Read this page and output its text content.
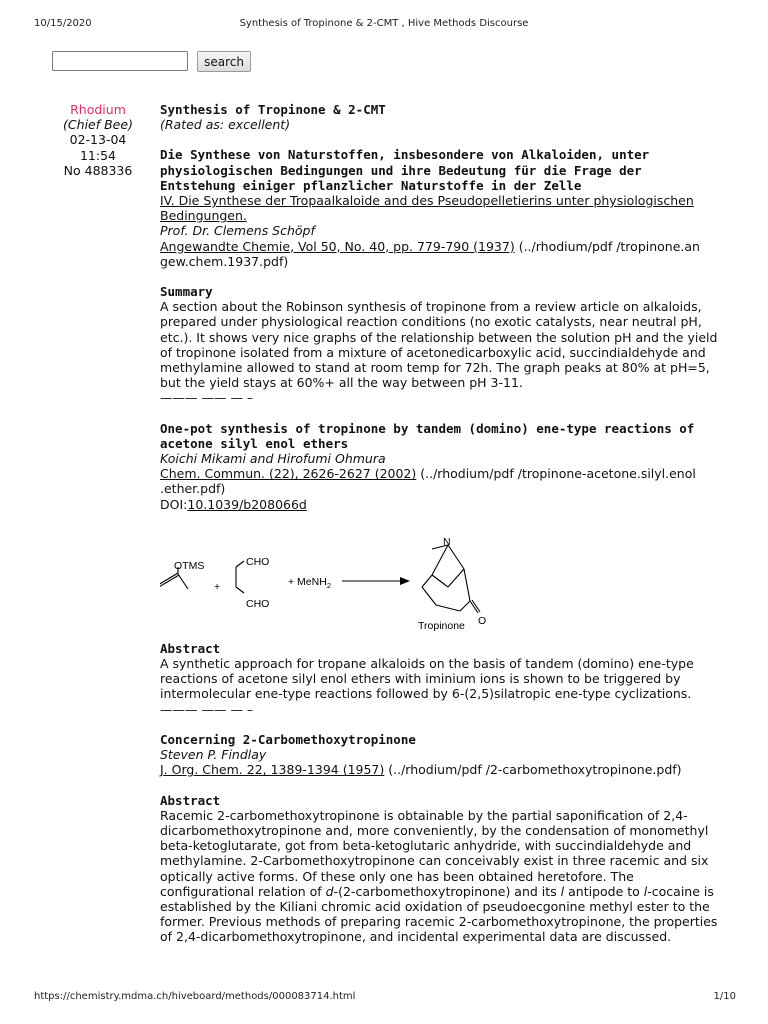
10/15/2020	Synthesis of Tropinone & 2-CMT , Hive Methods Discourse
search
Rhodium
(Chief Bee)
02-13-04
11:54
No 488336
Synthesis of Tropinone & 2-CMT
(Rated as: excellent)
Die Synthese von Naturstoffen, insbesondere von Alkaloiden, unter physiologischen Bedingungen und ihre Bedeutung für die Frage der Entstehung einiger pflanzlicher Naturstoffe in der Zelle
IV. Die Synthese der Tropaalkaloide and des Pseudopelletierins unter physiologischen Bedingungen.
Prof. Dr. Clemens Schöpf
Angewandte Chemie, Vol 50, No. 40, pp. 779-790 (1937) (../rhodium/pdf /tropinone.an gew.chem.1937.pdf)
Summary
A section about the Robinson synthesis of tropinone from a review article on alkaloids, prepared under physiological reaction conditions (no exotic catalysts, near neutral pH, etc.). It shows very nice graphs of the relationship between the solution pH and the yield of tropinone isolated from a mixture of acetonedicarboxylic acid, succindialdehyde and methylamine allowed to stand at room temp for 72h. The graph peaks at 80% at pH=5, but the yield stays at 60%+ all the way between pH 3-11.
——— —— — –
One-pot synthesis of tropinone by tandem (domino) ene-type reactions of acetone silyl enol ethers
Koichi Mikami and Hirofumi Ohmura
Chem. Commun. (22), 2626-2627 (2002) (../rhodium/pdf /tropinone-acetone.silyl.enol .ether.pdf)
DOI:10.1039/b208066d
OTMS
+
CHO
CHO
+ MeNH$_2$
N
O
Tropinone
Abstract
A synthetic approach for tropane alkaloids on the basis of tandem (domino) ene-type reactions of acetone silyl enol ethers with iminium ions is shown to be triggered by intermolecular ene-type reactions followed by 6-(2,5)silatropic ene-type cyclizations.
——— —— — –
Concerning 2-Carbomethoxytropinone
Steven P. Findlay
J. Org. Chem. 22, 1389-1394 (1957) (../rhodium/pdf /2-carbomethoxytropinone.pdf)
Abstract
Racemic 2-carbomethoxytropinone is obtainable by the partial saponification of 2,4-dicarbomethoxytropinone and, more conveniently, by the condensation of monomethyl beta-ketoglutarate, got from beta-ketoglutaric anhydride, with succindialdehyde and methylamine. 2-Carbomethoxytropinone can conceivably exist in three racemic and six optically active forms. Of these only one has been obtained heretofore. The configurational relation of d-(2-carbomethoxytropinone) and its l antipode to l-cocaine is established by the Kiliani chromic acid oxidation of pseudoecgonine methyl ester to the former. Previous methods of preparing racemic 2-carbomethoxytropinone, the properties of 2,4-dicarbomethoxytropinone, and incidental experimental data are discussed.
https://chemistry.mdma.ch/hiveboard/methods/000083714.html	1/10
